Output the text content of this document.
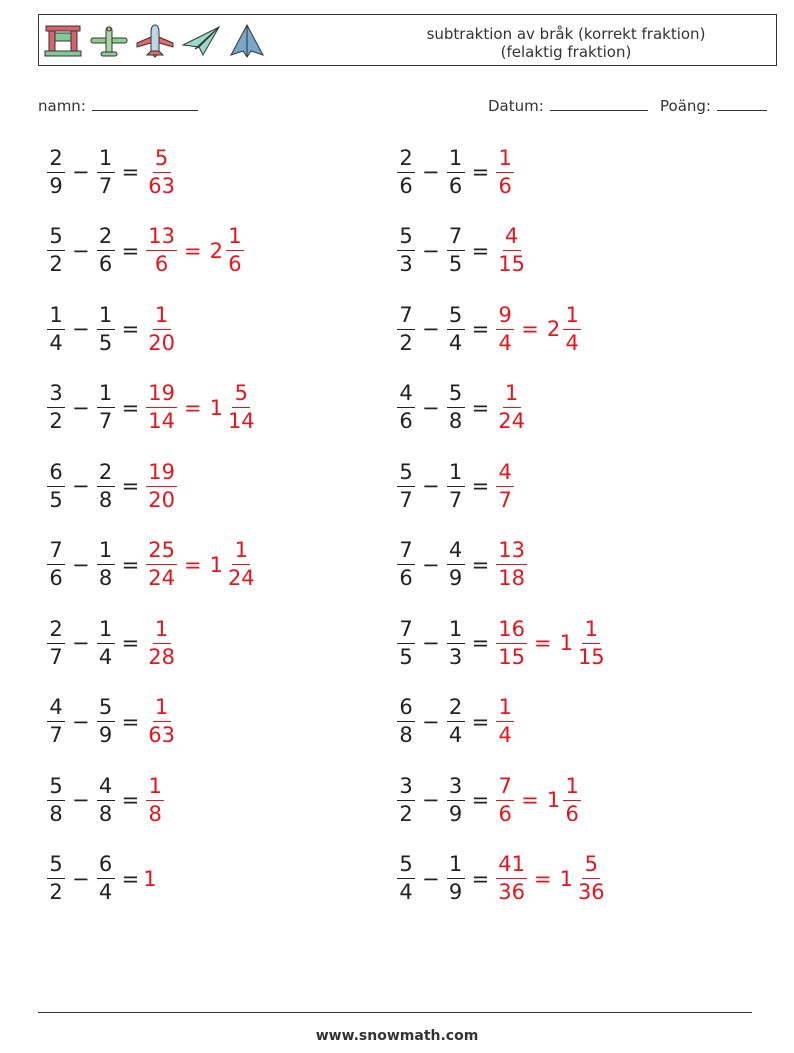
subtraktion av bråk (korrekt fraktion)
(felaktig fraktion)
namn:	Datum:	Poäng:
$\frac{2}{9} - \frac{1}{7} = \frac{5}{63}$	$\frac{2}{6} - \frac{1}{6} = \frac{1}{6}$
$\frac{5}{2} - \frac{2}{6} = \frac{13}{6} = 2 \frac{1}{6}$	$\frac{5}{3} - \frac{7}{5} = \frac{4}{15}$
$\frac{1}{4} - \frac{1}{5} = \frac{1}{20}$	$\frac{7}{2} - \frac{5}{4} = \frac{9}{4} = 2 \frac{1}{4}$
$\frac{3}{2} - \frac{1}{7} = \frac{19}{14} = 1 \frac{5}{14}$	$\frac{4}{6} - \frac{5}{8} = \frac{1}{24}$
$\frac{6}{5} - \frac{2}{8} = \frac{19}{20}$	$\frac{5}{7} - \frac{1}{7} = \frac{4}{7}$
$\frac{7}{6} - \frac{1}{8} = \frac{25}{24} = 1 \frac{1}{24}$	$\frac{7}{6} - \frac{4}{9} = \frac{13}{18}$
$\frac{2}{7} - \frac{1}{4} = \frac{1}{28}$	$\frac{7}{5} - \frac{1}{3} = \frac{16}{15} = 1 \frac{1}{15}$
$\frac{4}{7} - \frac{5}{9} = \frac{1}{63}$	$\frac{6}{8} - \frac{2}{4} = \frac{1}{4}$
$\frac{5}{8} - \frac{4}{8} = \frac{1}{8}$	$\frac{3}{2} - \frac{3}{9} = \frac{7}{6} = 1 \frac{1}{6}$
$\frac{5}{2} - \frac{6}{4} = 1$	$\frac{5}{4} - \frac{1}{9} = \frac{41}{36} = 1 \frac{5}{36}$
www.snowmath.com
